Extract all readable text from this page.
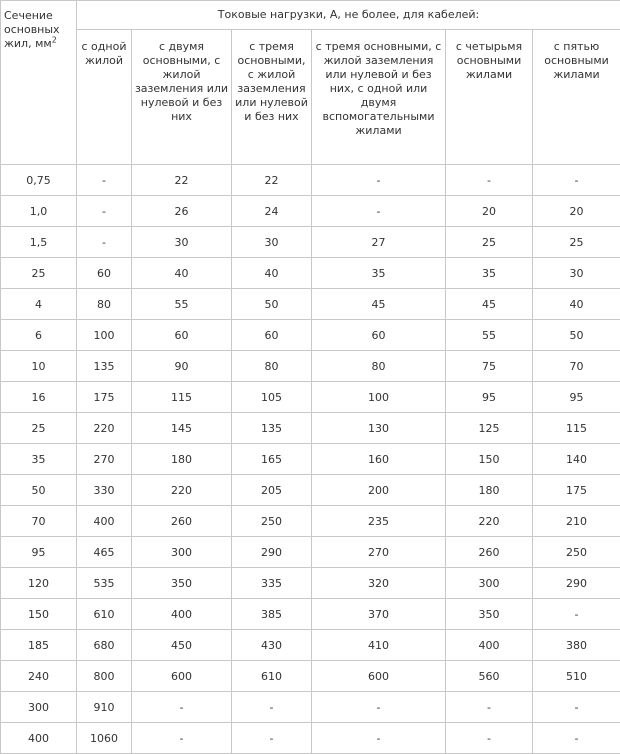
Сечение
основных
жил, $мм^2$	Токовые нагрузки, А, не более, для кабелей:					
	с одной жилой	с двумя основными, с жилой заземления или нулевой и без них	с тремя основными, с жилой заземления или нулевой и без них	с тремя основными, с жилой заземления или нулевой и без них, с одной или двумя вспомогательными жилами	с четырьмя основными жилами	с пятью основными жилами
0,75	-	22	22	-	-	-
1,0	-	26	24	-	20	20
1,5	-	30	30	27	25	25
25	60	40	40	35	35	30
4	80	55	50	45	45	40
6	100	60	60	60	55	50
10	135	90	80	80	75	70
16	175	115	105	100	95	95
25	220	145	135	130	125	115
35	270	180	165	160	150	140
50	330	220	205	200	180	175
70	400	260	250	235	220	210
95	465	300	290	270	260	250
120	535	350	335	320	300	290
150	610	400	385	370	350	-
185	680	450	430	410	400	380
240	800	600	610	600	560	510
300	910	-	-	-	-	-
400	1060	-	-	-	-	-
